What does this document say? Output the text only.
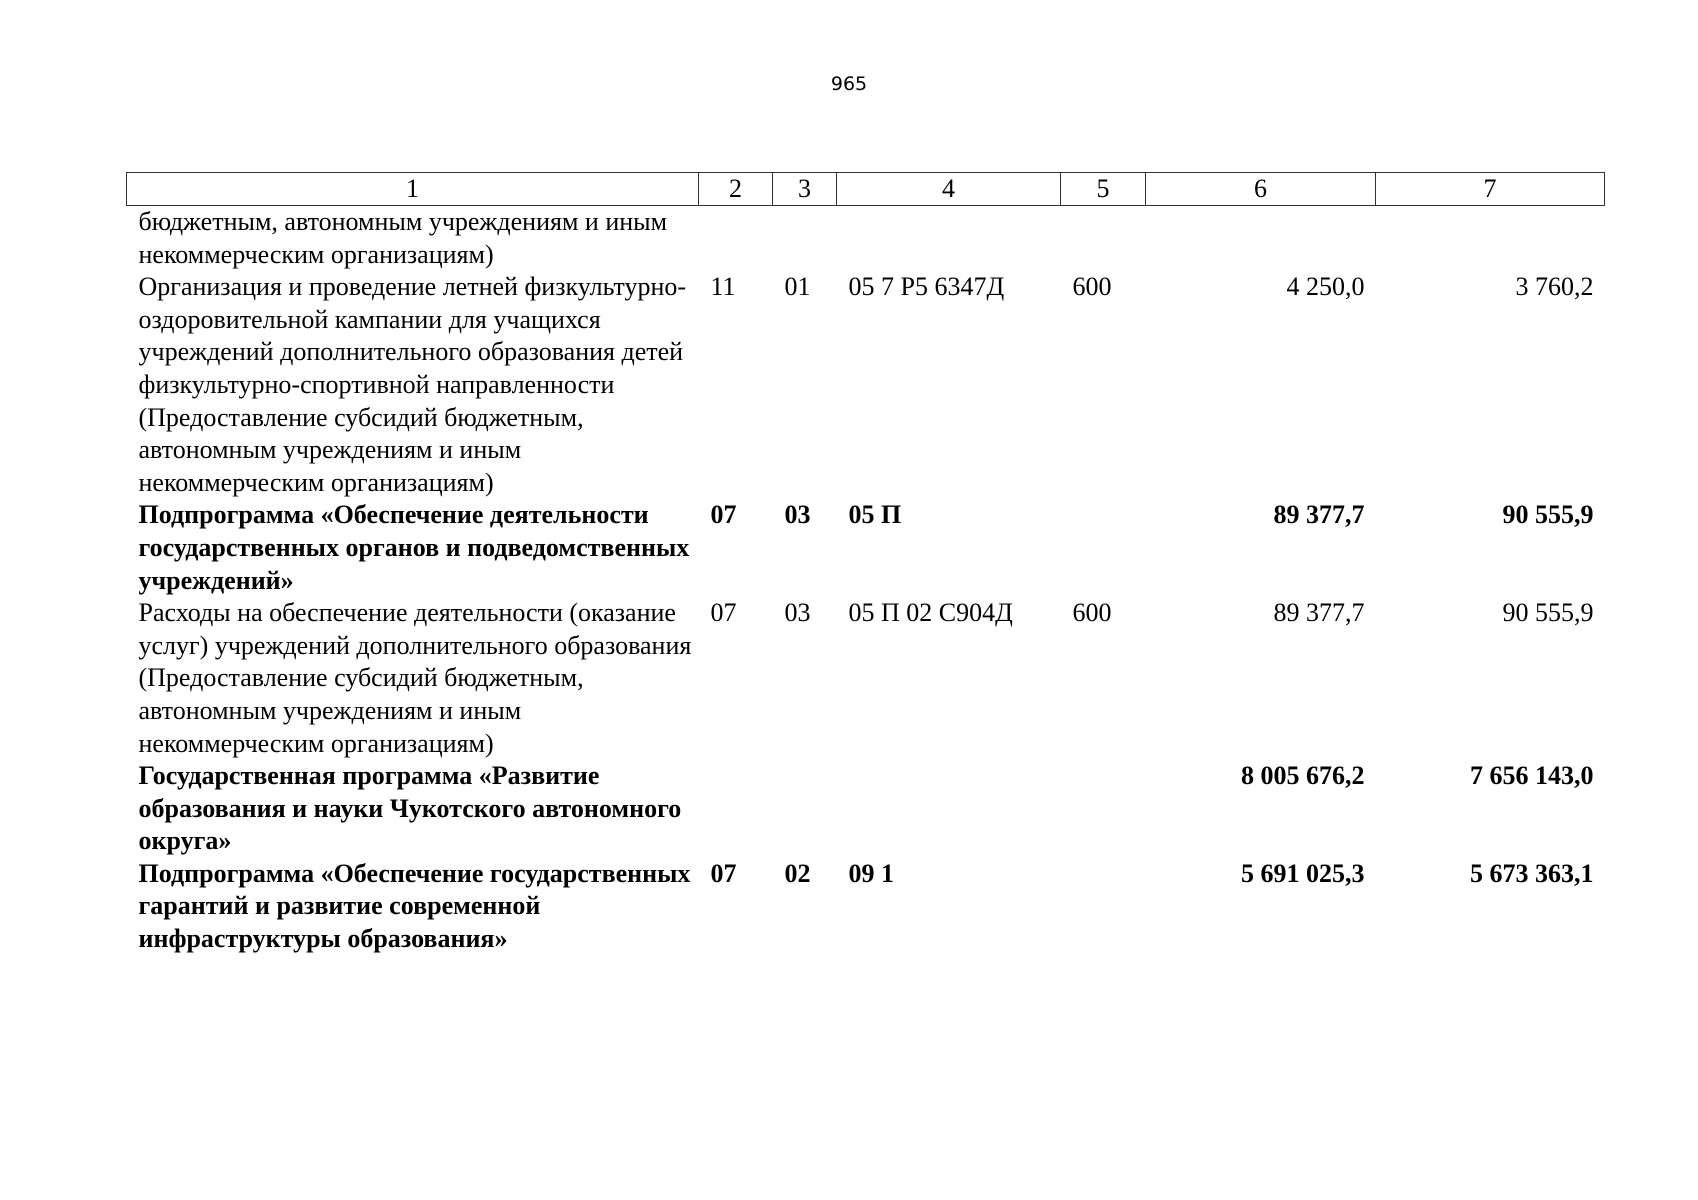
965
1	2	3	4	5	6	7
бюджетным, автономным учреждениям и иным некоммерческим организациям)						
Организация и проведение летней физкультурно-оздоровительной кампании для учащихся учреждений дополнительного образования детей физкультурно-спортивной направленности (Предоставление субсидий бюджетным, автономным учреждениям и иным некоммерческим организациям)	11	01	05 7 Р5 6347Д	600	4 250,0	3 760,2
Подпрограмма «Обеспечение деятельности государственных органов и подведомственных учреждений»	07	03	05 П		89 377,7	90 555,9
Расходы на обеспечение деятельности (оказание услуг) учреждений дополнительного образования (Предоставление субсидий бюджетным, автономным учреждениям и иным некоммерческим организациям)	07	03	05 П 02 С904Д	600	89 377,7	90 555,9
Государственная программа «Развитие образования и науки Чукотского автономного округа»					8 005 676,2	7 656 143,0
Подпрограмма «Обеспечение государственных гарантий и развитие современной инфраструктуры образования»	07	02	09 1		5 691 025,3	5 673 363,1
